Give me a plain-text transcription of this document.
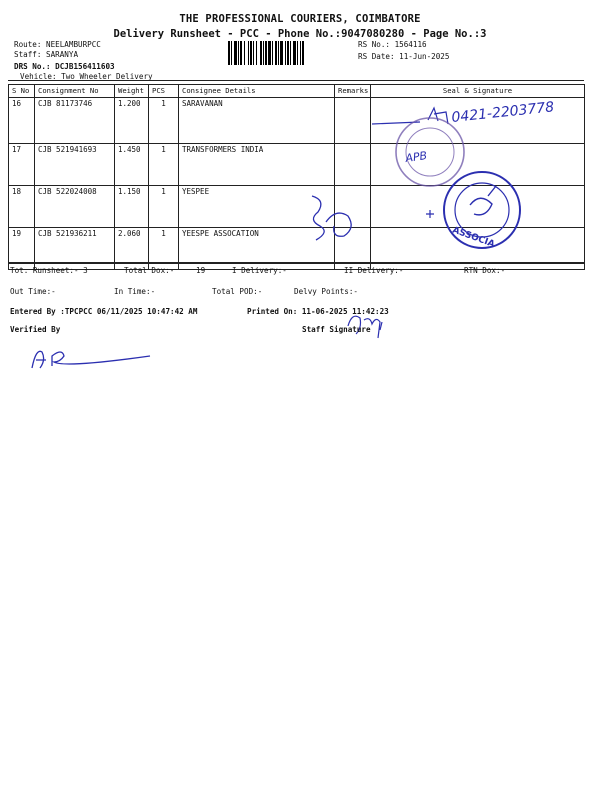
THE PROFESSIONAL COURIERS, COIMBATORE
Delivery Runsheet - PCC - Phone No.:9047080280 - Page No.:3
Route: NEELAMBURPCC
Staff: SARANYA
DRS No.: DCJB156411603
Vehicle: Two Wheeler Delivery
RS No.: 1564116
RS Date: 11-Jun-2025
S No	Consignment No	Weight	PCS	Consignee Details	Remarks	Seal & Signature
16	CJB 81173746	1.200	1	SARAVANAN		
17	CJB 521941693	1.450	1	TRANSFORMERS INDIA		
18	CJB 522024008	1.150	1	YESPEE		
19	CJB 521936211	2.060	1	YEESPE ASSOCATION		
0421-2203778
APB
ASSOCIA
Tot. Runsheet:- 3	Total Dox:-	19	I Delivery:-	II Delivery:-	RTN Dox:-
Out Time:-	In Time:-	Total POD:-	Delvy Points:-
Entered By :TPCPCC 06/11/2025 10:47:42 AM	Printed On: 11-06-2025 11:42:23
Verified By	Staff Signature
